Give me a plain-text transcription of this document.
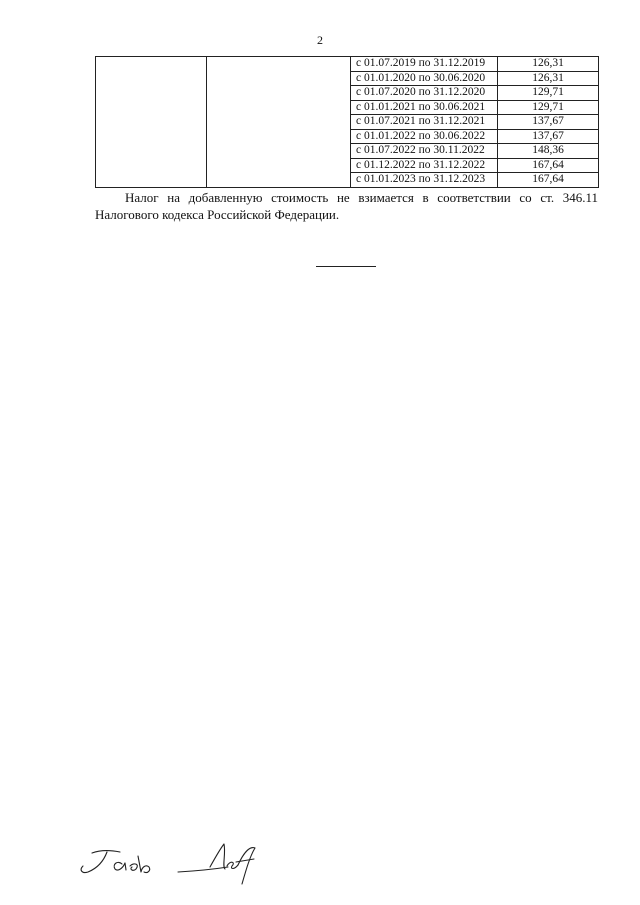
2
		с 01.07.2019 по 31.12.2019	126,31
		с 01.01.2020 по 30.06.2020	126,31
		с 01.07.2020 по 31.12.2020	129,71
		с 01.01.2021 по 30.06.2021	129,71
		с 01.07.2021 по 31.12.2021	137,67
		с 01.01.2022 по 30.06.2022	137,67
		с 01.07.2022 по 30.11.2022	148,36
		с 01.12.2022 по 31.12.2022	167,64
		с 01.01.2023 по 31.12.2023	167,64

Налог на добавленную стоимость не взимается в соответствии со ст. 346.11 Налогового кодекса Российской Федерации.
